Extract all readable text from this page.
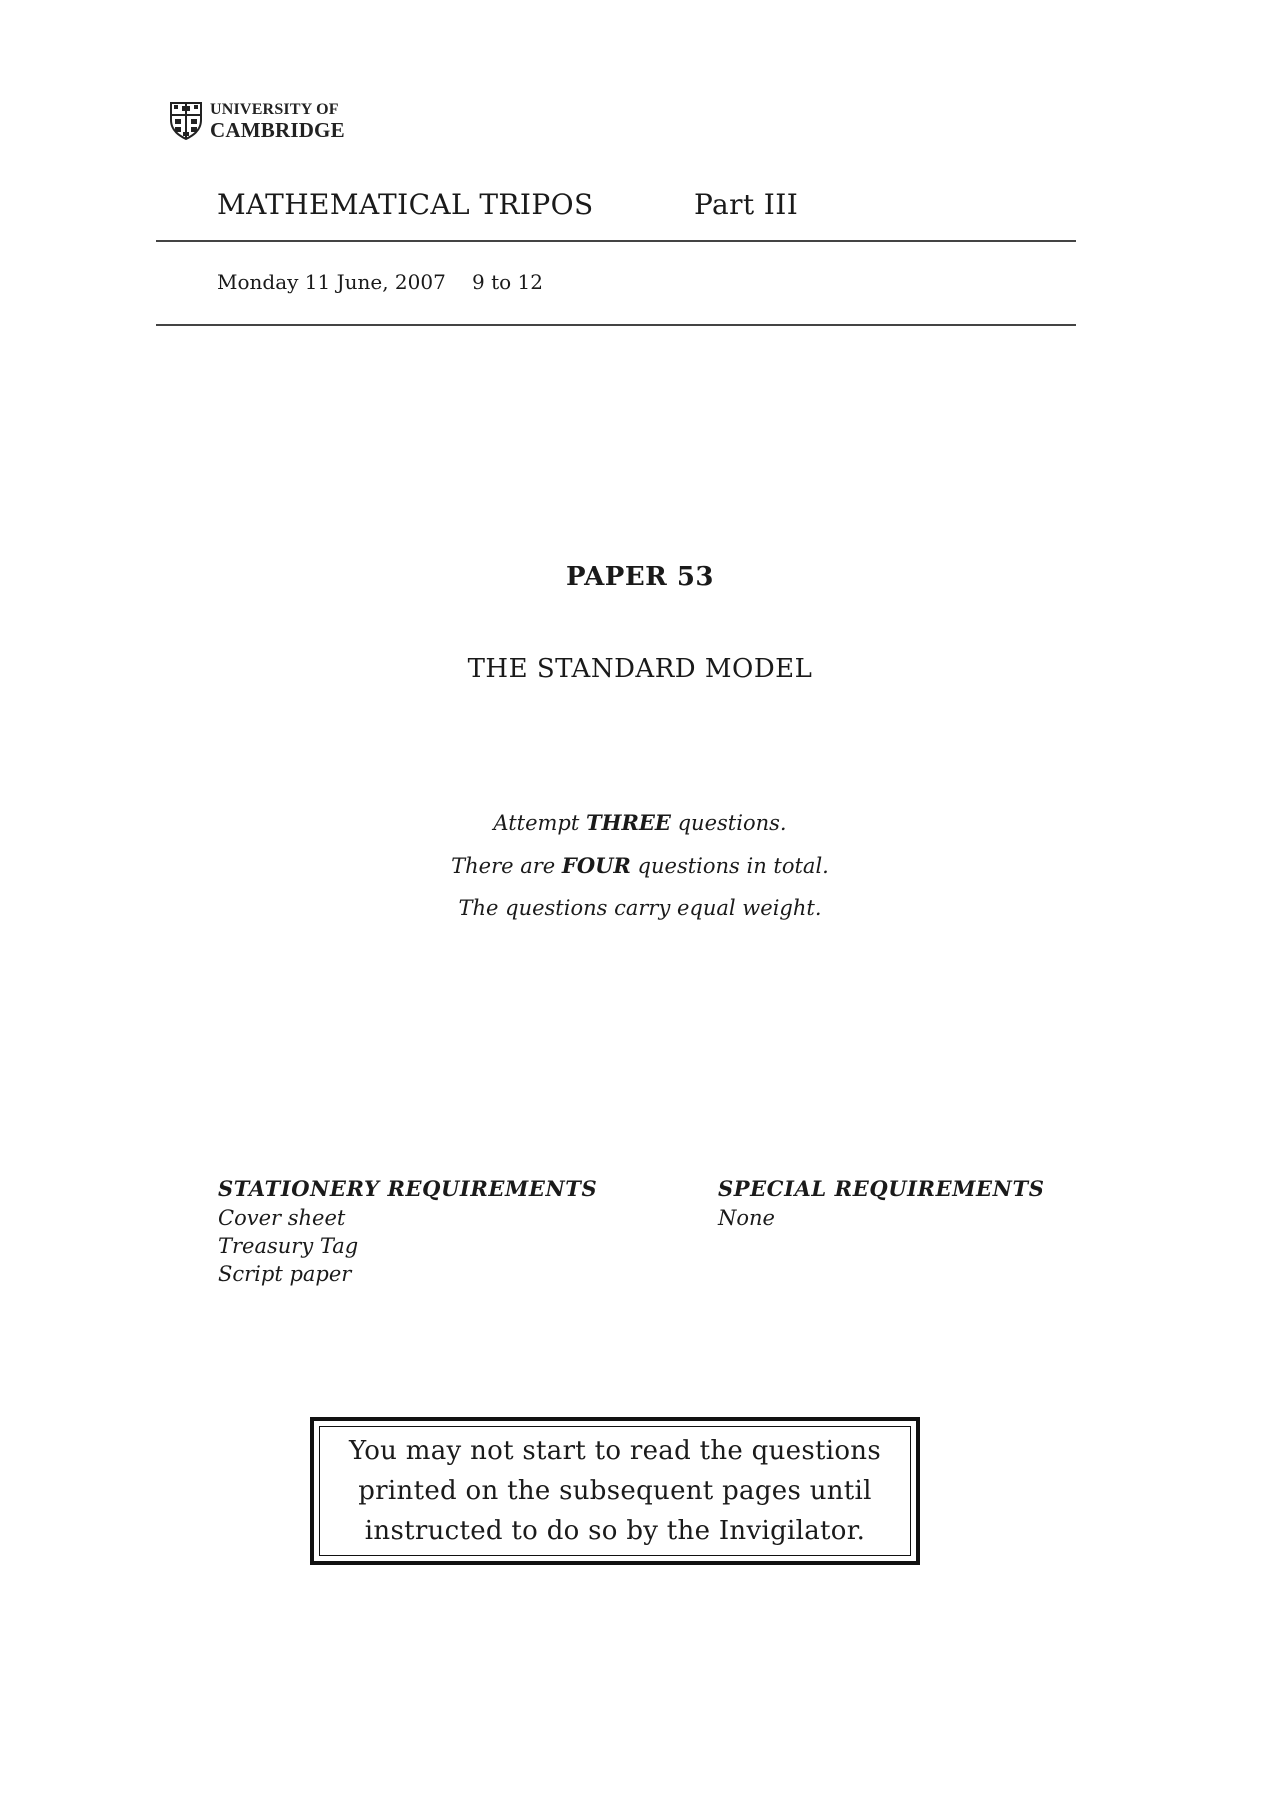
UNIVERSITY OF
CAMBRIDGE
MATHEMATICAL TRIPOS	Part III
Monday 11 June, 2007 9 to 12
PAPER 53
THE STANDARD MODEL
Attempt THREE questions.
There are FOUR questions in total.
The questions carry equal weight.
STATIONERY REQUIREMENTS
Cover sheet
Treasury Tag
Script paper
SPECIAL REQUIREMENTS
None
You may not start to read the questions
printed on the subsequent pages until
instructed to do so by the Invigilator.
